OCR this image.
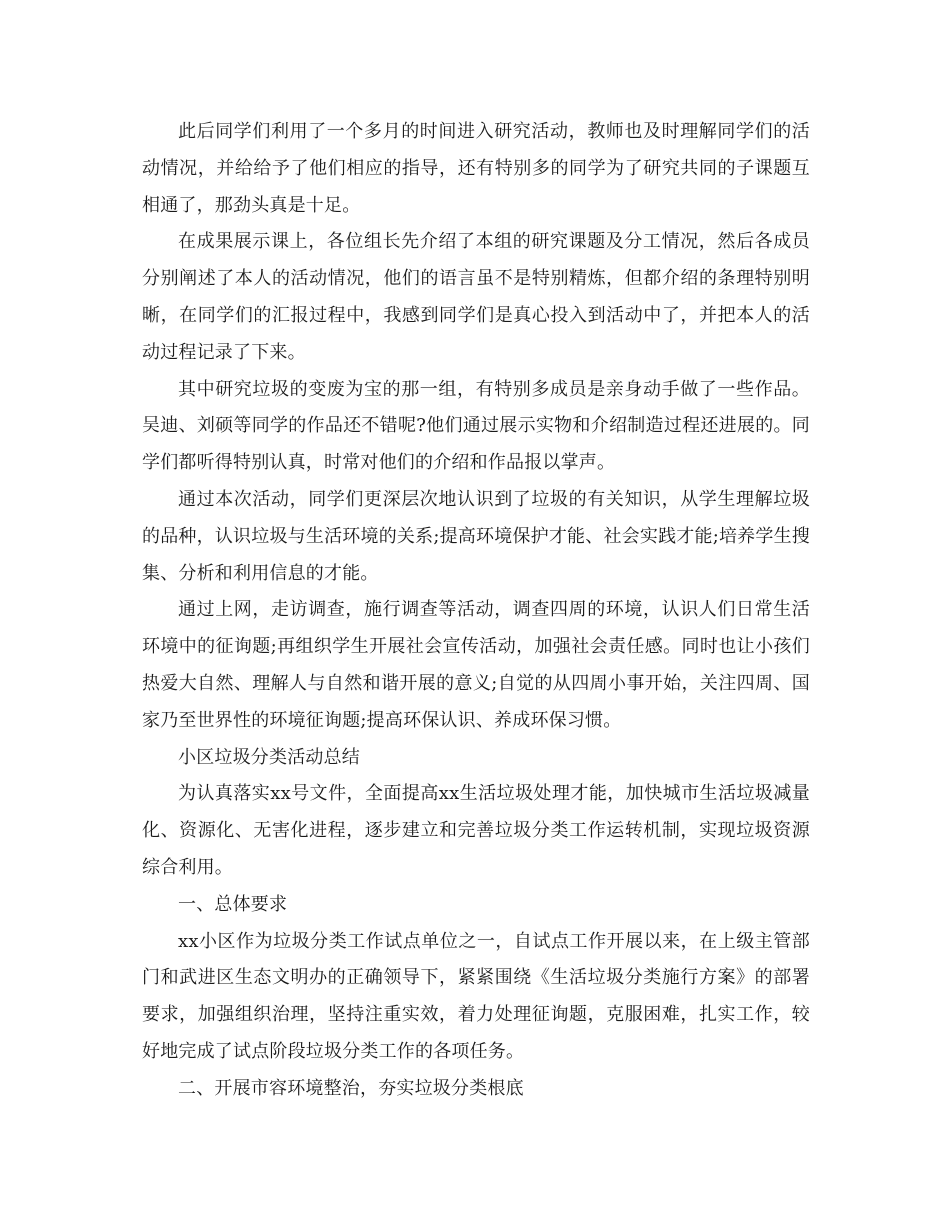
此后同学们利用了一个多月的时间进入研究活动，教师也及时理解同学们的活动情况，并给给予了他们相应的指导，还有特别多的同学为了研究共同的子课题互相通了，那劲头真是十足。

在成果展示课上，各位组长先介绍了本组的研究课题及分工情况，然后各成员分别阐述了本人的活动情况，他们的语言虽不是特别精炼，但都介绍的条理特别明晰，在同学们的汇报过程中，我感到同学们是真心投入到活动中了，并把本人的活动过程记录了下来。

其中研究垃圾的变废为宝的那一组，有特别多成员是亲身动手做了一些作品。吴迪、刘硕等同学的作品还不错呢?他们通过展示实物和介绍制造过程还进展的。同学们都听得特别认真，时常对他们的介绍和作品报以掌声。

通过本次活动，同学们更深层次地认识到了垃圾的有关知识，从学生理解垃圾的品种，认识垃圾与生活环境的关系;提高环境保护才能、社会实践才能;培养学生搜集、分析和利用信息的才能。

通过上网，走访调查，施行调查等活动，调查四周的环境，认识人们日常生活环境中的征询题;再组织学生开展社会宣传活动，加强社会责任感。同时也让小孩们热爱大自然、理解人与自然和谐开展的意义;自觉的从四周小事开始，关注四周、国家乃至世界性的环境征询题;提高环保认识、养成环保习惯。

小区垃圾分类活动总结

为认真落实xx号文件，全面提高xx生活垃圾处理才能，加快城市生活垃圾减量化、资源化、无害化进程，逐步建立和完善垃圾分类工作运转机制，实现垃圾资源综合利用。

一、总体要求

xx小区作为垃圾分类工作试点单位之一，自试点工作开展以来，在上级主管部门和武进区生态文明办的正确领导下，紧紧围绕《生活垃圾分类施行方案》的部署要求，加强组织治理，坚持注重实效，着力处理征询题，克服困难，扎实工作，较好地完成了试点阶段垃圾分类工作的各项任务。

二、开展市容环境整治，夯实垃圾分类根底
